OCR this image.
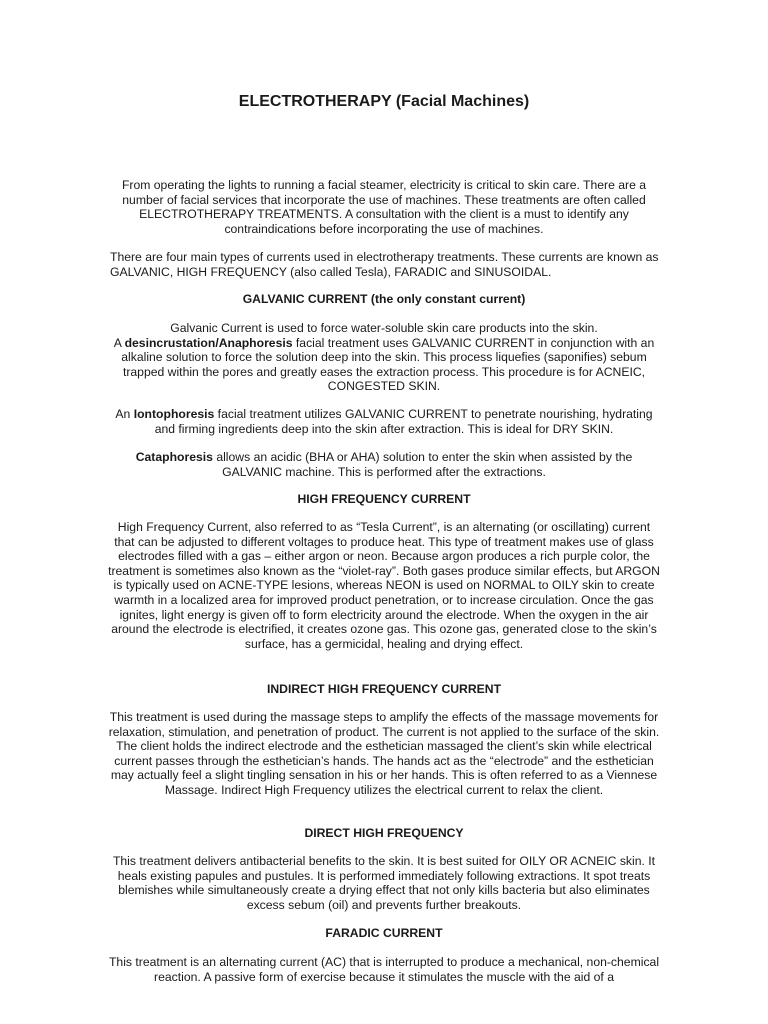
ELECTROTHERAPY (Facial Machines)

From operating the lights to running a facial steamer, electricity is critical to skin care. There are a number of facial services that incorporate the use of machines. These treatments are often called ELECTROTHERAPY TREATMENTS. A consultation with the client is a must to identify any contraindications before incorporating the use of machines.

There are four main types of currents used in electrotherapy treatments. These currents are known as GALVANIC, HIGH FREQUENCY (also called Tesla), FARADIC and SINUSOIDAL.

GALVANIC CURRENT (the only constant current)
Galvanic Current is used to force water-soluble skin care products into the skin.
A desincrustation/Anaphoresis facial treatment uses GALVANIC CURRENT in conjunction with an alkaline solution to force the solution deep into the skin. This process liquefies (saponifies) sebum trapped within the pores and greatly eases the extraction process. This procedure is for ACNEIC, CONGESTED SKIN.
An Iontophoresis facial treatment utilizes GALVANIC CURRENT to penetrate nourishing, hydrating and firming ingredients deep into the skin after extraction. This is ideal for DRY SKIN.
Cataphoresis allows an acidic (BHA or AHA) solution to enter the skin when assisted by the GALVANIC machine. This is performed after the extractions.
HIGH FREQUENCY CURRENT

High Frequency Current, also referred to as “Tesla Current”, is an alternating (or oscillating) current that can be adjusted to different voltages to produce heat. This type of treatment makes use of glass electrodes filled with a gas – either argon or neon. Because argon produces a rich purple color, the treatment is sometimes also known as the “violet-ray”. Both gases produce similar effects, but ARGON is typically used on ACNE-TYPE lesions, whereas NEON is used on NORMAL to OILY skin to create warmth in a localized area for improved product penetration, or to increase circulation. Once the gas ignites, light energy is given off to form electricity around the electrode. When the oxygen in the air around the electrode is electrified, it creates ozone gas. This ozone gas, generated close to the skin’s surface, has a germicidal, healing and drying effect.

INDIRECT HIGH FREQUENCY CURRENT

This treatment is used during the massage steps to amplify the effects of the massage movements for relaxation, stimulation, and penetration of product. The current is not applied to the surface of the skin. The client holds the indirect electrode and the esthetician massaged the client’s skin while electrical current passes through the esthetician’s hands. The hands act as the “electrode” and the esthetician may actually feel a slight tingling sensation in his or her hands. This is often referred to as a Viennese Massage. Indirect High Frequency utilizes the electrical current to relax the client.

DIRECT HIGH FREQUENCY

This treatment delivers antibacterial benefits to the skin. It is best suited for OILY OR ACNEIC skin. It heals existing papules and pustules. It is performed immediately following extractions. It spot treats blemishes while simultaneously create a drying effect that not only kills bacteria but also eliminates excess sebum (oil) and prevents further breakouts.

FARADIC CURRENT

This treatment is an alternating current (AC) that is interrupted to produce a mechanical, non-chemical reaction. A passive form of exercise because it stimulates the muscle with the aid of a
